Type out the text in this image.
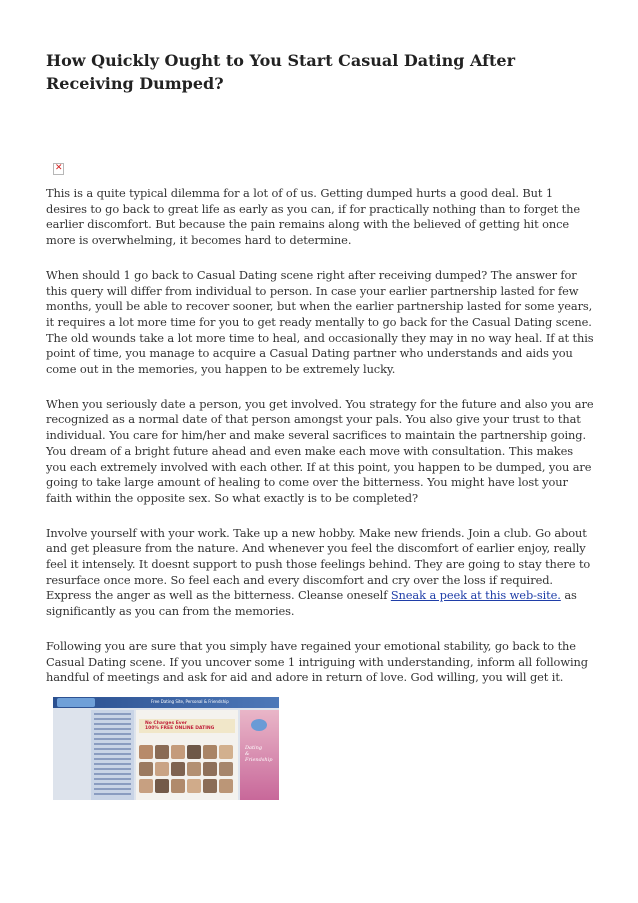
How Quickly Ought to You Start Casual Dating After Receiving Dumped?
✕

This is a quite typical dilemma for a lot of of us. Getting dumped hurts a good deal. But 1 desires to go back to great life as early as you can, if for practically nothing than to forget the earlier discomfort. But because the pain remains along with the believed of getting hit once more is overwhelming, it becomes hard to determine.

When should 1 go back to Casual Dating scene right after receiving dumped? The answer for this query will differ from individual to person. In case your earlier partnership lasted for few months, youll be able to recover sooner, but when the earlier partnership lasted for some years, it requires a lot more time for you to get ready mentally to go back for the Casual Dating scene. The old wounds take a lot more time to heal, and occasionally they may in no way heal. If at this point of time, you manage to acquire a Casual Dating partner who understands and aids you come out in the memories, you happen to be extremely lucky.

When you seriously date a person, you get involved. You strategy for the future and also you are recognized as a normal date of that person amongst your pals. You also give your trust to that individual. You care for him/her and make several sacrifices to maintain the partnership going. You dream of a bright future ahead and even make each move with consultation. This makes you each extremely involved with each other. If at this point, you happen to be dumped, you are going to take large amount of healing to come over the bitterness. You might have lost your faith within the opposite sex. So what exactly is to be completed?

Involve yourself with your work. Take up a new hobby. Make new friends. Join a club. Go about and get pleasure from the nature. And whenever you feel the discomfort of earlier enjoy, really feel it intensely. It doesnt support to push those feelings behind. They are going to stay there to resurface once more. So feel each and every discomfort and cry over the loss if required. Express the anger as well as the bitterness. Cleanse oneself Sneak a peek at this web-site. as significantly as you can from the memories.

Following you are sure that you simply have regained your emotional stability, go back to the Casual Dating scene. If you uncover some 1 intriguing with understanding, inform all following handful of meetings and ask for aid and adore in return of love. God willing, you will get it.

Free Dating Site, Personal & Friendship
No Charges Ever
100% FREE ONLINE DATING
Dating
&
Friendship
